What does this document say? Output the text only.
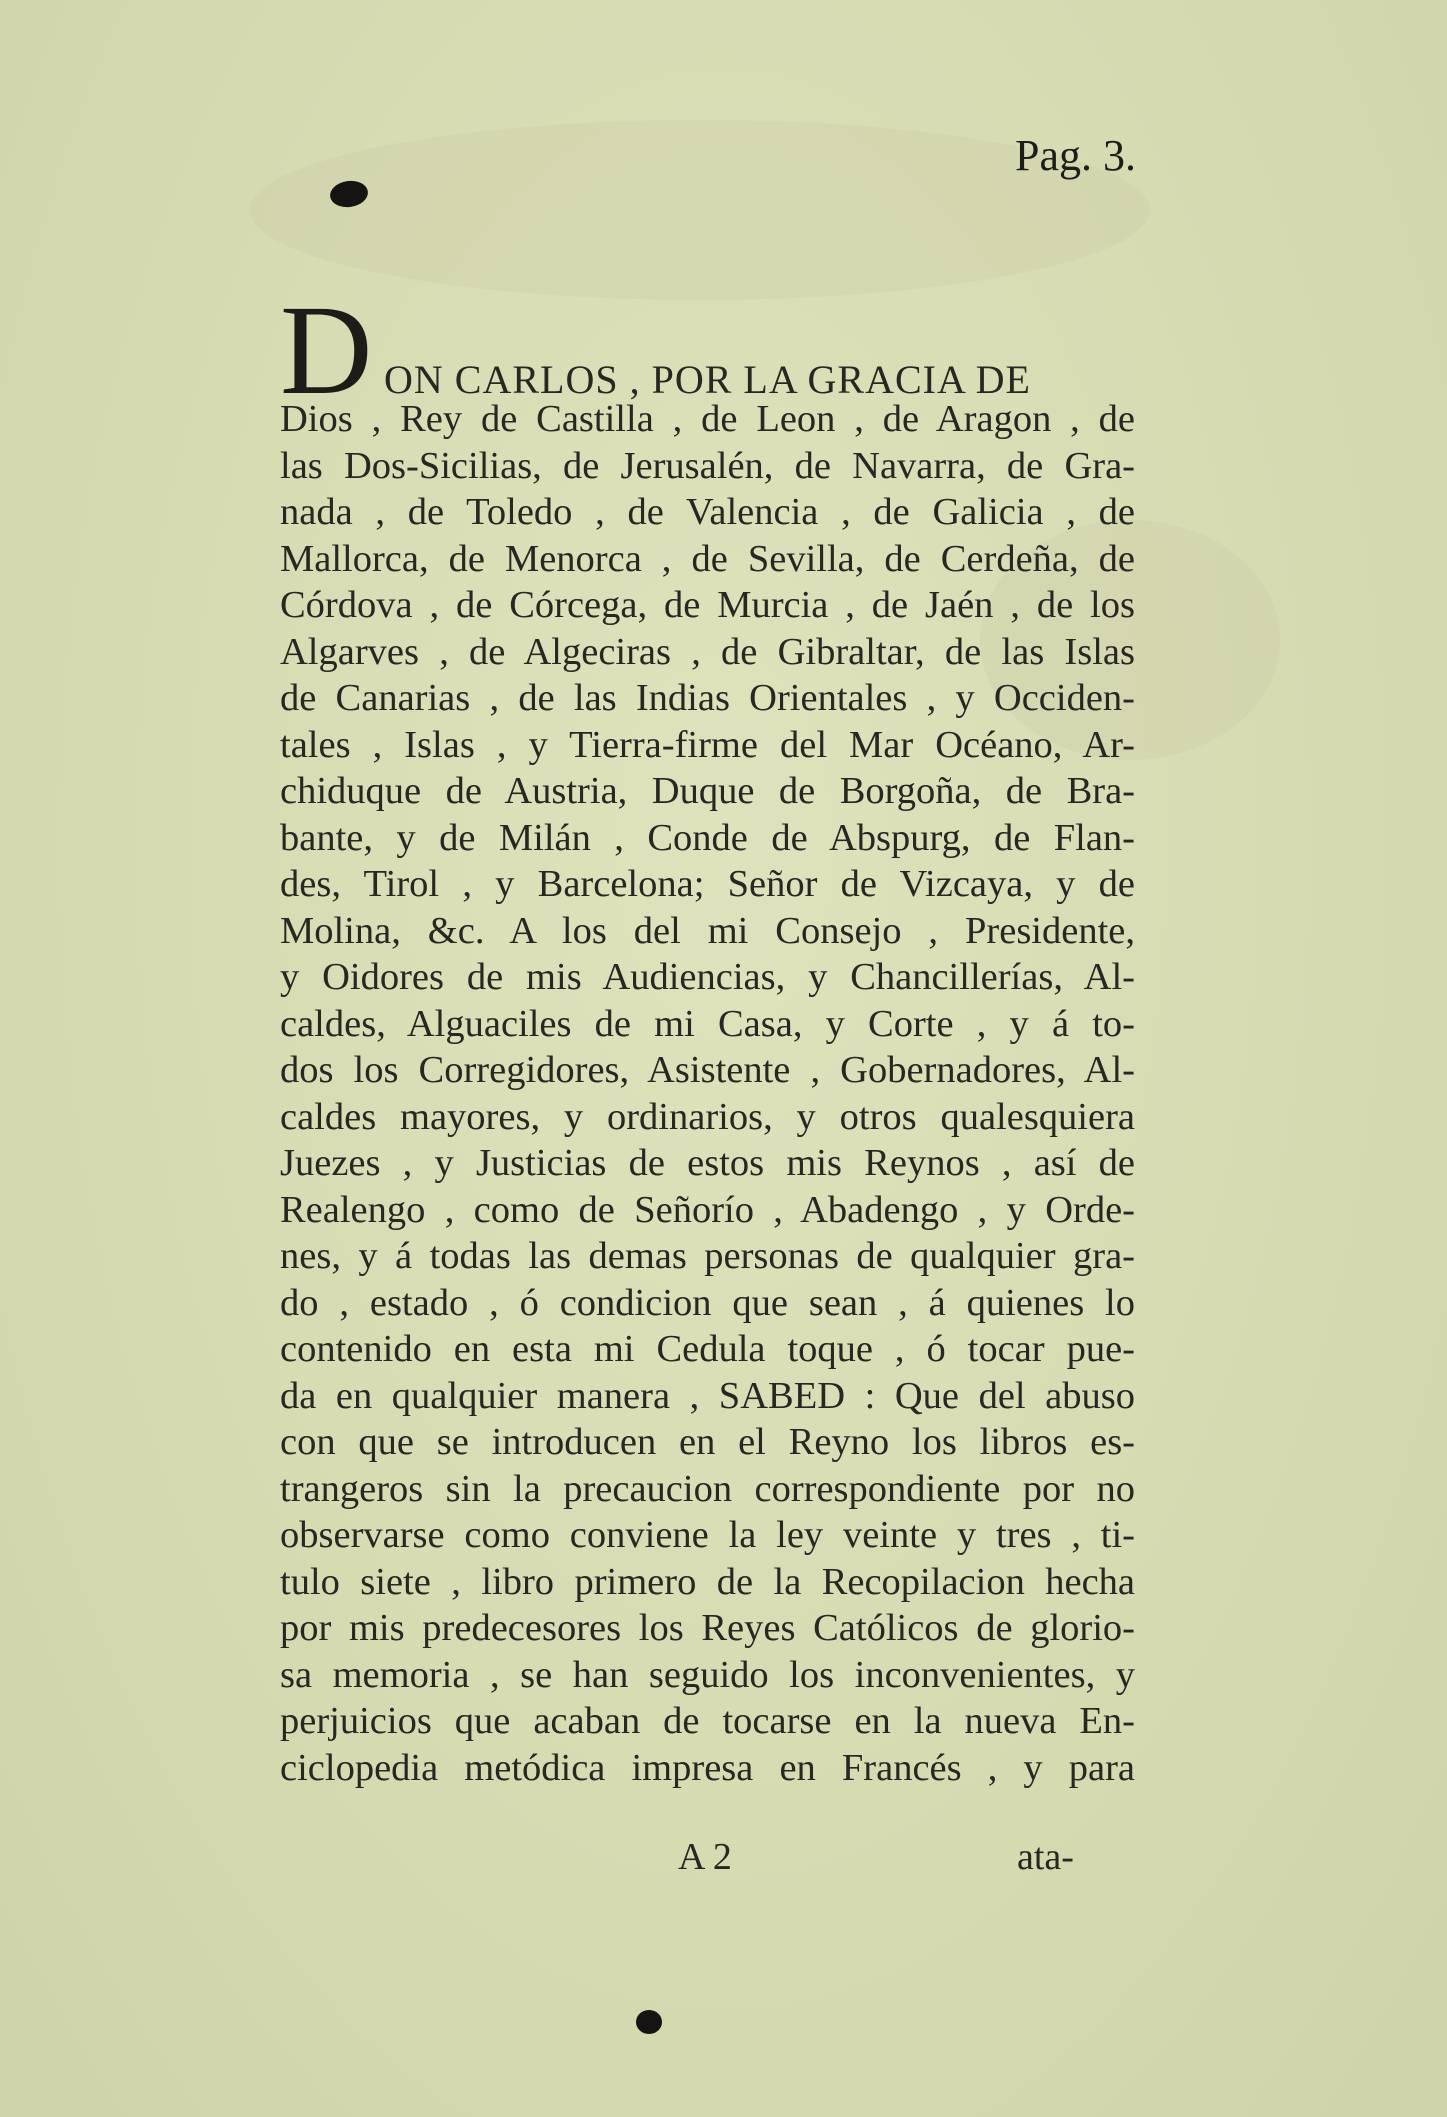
Pag. 3.
D ON CARLOS , POR LA GRACIA DE
Dios , Rey de Castilla , de Leon , de Aragon , de
las Dos-Sicilias, de Jerusalén, de Navarra, de Gra-
nada , de Toledo , de Valencia , de Galicia , de
Mallorca, de Menorca , de Sevilla, de Cerdeña, de
Córdova , de Córcega, de Murcia , de Jaén , de los
Algarves , de Algeciras , de Gibraltar, de las Islas
de Canarias , de las Indias Orientales , y Occiden-
tales , Islas , y Tierra-firme del Mar Océano, Ar-
chiduque de Austria, Duque de Borgoña, de Bra-
bante, y de Milán , Conde de Abspurg, de Flan-
des, Tirol , y Barcelona; Señor de Vizcaya, y de
Molina, &c. A los del mi Consejo , Presidente,
y Oidores de mis Audiencias, y Chancillerías, Al-
caldes, Alguaciles de mi Casa, y Corte , y á to-
dos los Corregidores, Asistente , Gobernadores, Al-
caldes mayores, y ordinarios, y otros qualesquiera
Juezes , y Justicias de estos mis Reynos , así de
Realengo , como de Señorío , Abadengo , y Orde-
nes, y á todas las demas personas de qualquier gra-
do , estado , ó condicion que sean , á quienes lo
contenido en esta mi Cedula toque , ó tocar pue-
da en qualquier manera , SABED : Que del abuso
con que se introducen en el Reyno los libros es-
trangeros sin la precaucion correspondiente por no
observarse como conviene la ley veinte y tres , ti-
tulo siete , libro primero de la Recopilacion hecha
por mis predecesores los Reyes Católicos de glorio-
sa memoria , se han seguido los inconvenientes, y
perjuicios que acaban de tocarse en la nueva En-
ciclopedia metódica impresa en Francés , y para
A 2	ata-
